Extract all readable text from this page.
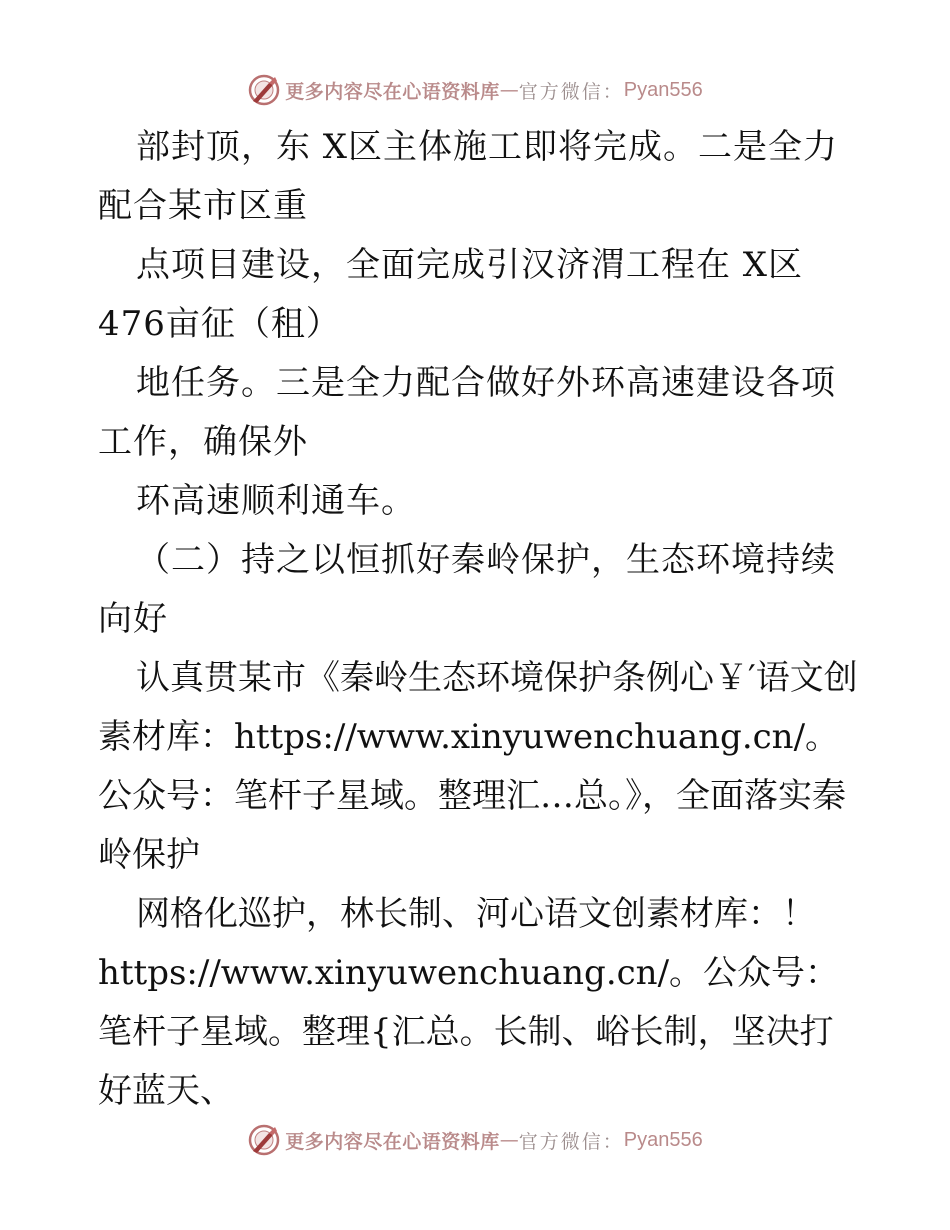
更多内容尽在心语资料库 — 官方微信： Pyan556

部封顶，东 X区主体施工即将完成。二是全力配合某市区重

点项目建设，全面完成引汉济渭工程在 X区476亩征（租）

地任务。三是全力配合做好外环高速建设各项工作，确保外

环高速顺利通车。

（二）持之以恒抓好秦岭保护，生态环境持续向好

认真贯某市《秦岭生态环境保护条例心￥′语文创素材库：https://www.xinyuwenchuang.cn/。公众号：笔杆子星域。整理汇…总。》，全面落实秦岭保护

网格化巡护，林长制、河心语文创素材库：！https://www.xinyuwenchuang.cn/。公众号：笔杆子星域。整理{汇总。长制、峪长制，坚决打好蓝天、

更多内容尽在心语资料库 — 官方微信： Pyan556
